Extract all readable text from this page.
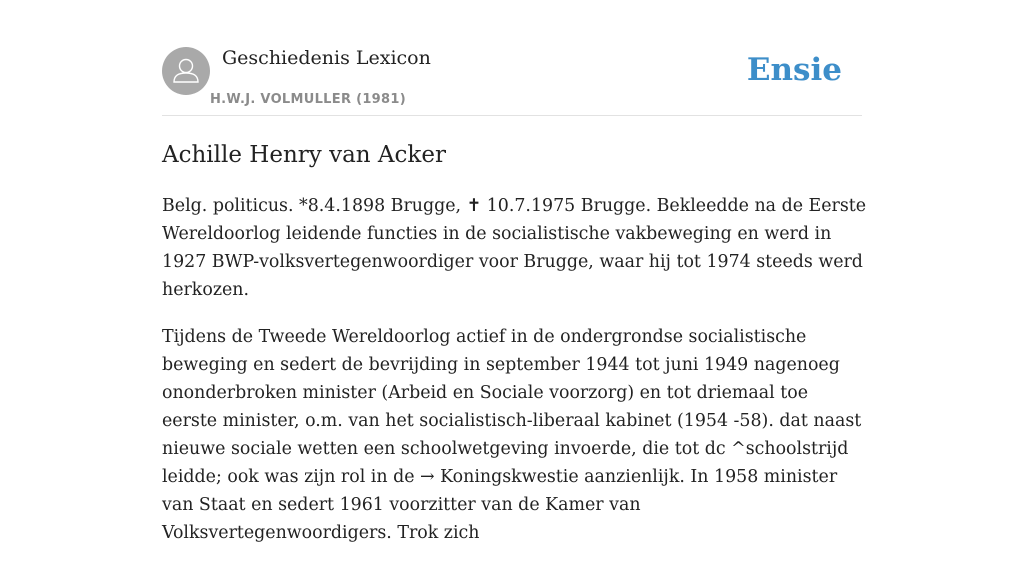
Geschiedenis Lexicon
H.W.J. VOLMULLER (1981)
Ensie
Achille Henry van Acker

Belg. politicus. *8.4.1898 Brugge, ✝ 10.7.1975 Brugge. Bekleedde na de Eerste Wereldoorlog leidende functies in de socialistische vakbeweging en werd in 1927 BWP-volksvertegenwoordiger voor Brugge, waar hij tot 1974 steeds werd herkozen.

Tijdens de Tweede Wereldoorlog actief in de ondergrondse socialistische beweging en sedert de bevrijding in september 1944 tot juni 1949 nagenoeg ononderbroken minister (Arbeid en Sociale voorzorg) en tot driemaal toe eerste minister, o.m. van het socialistisch-liberaal kabinet (1954 -58). dat naast nieuwe sociale wetten een schoolwetgeving invoerde, die tot dc ^schoolstrijd leidde; ook was zijn rol in de → Koningskwestie aanzienlijk. In 1958 minister van Staat en sedert 1961 voorzitter van de Kamer van Volksvertegenwoordigers. Trok zich
